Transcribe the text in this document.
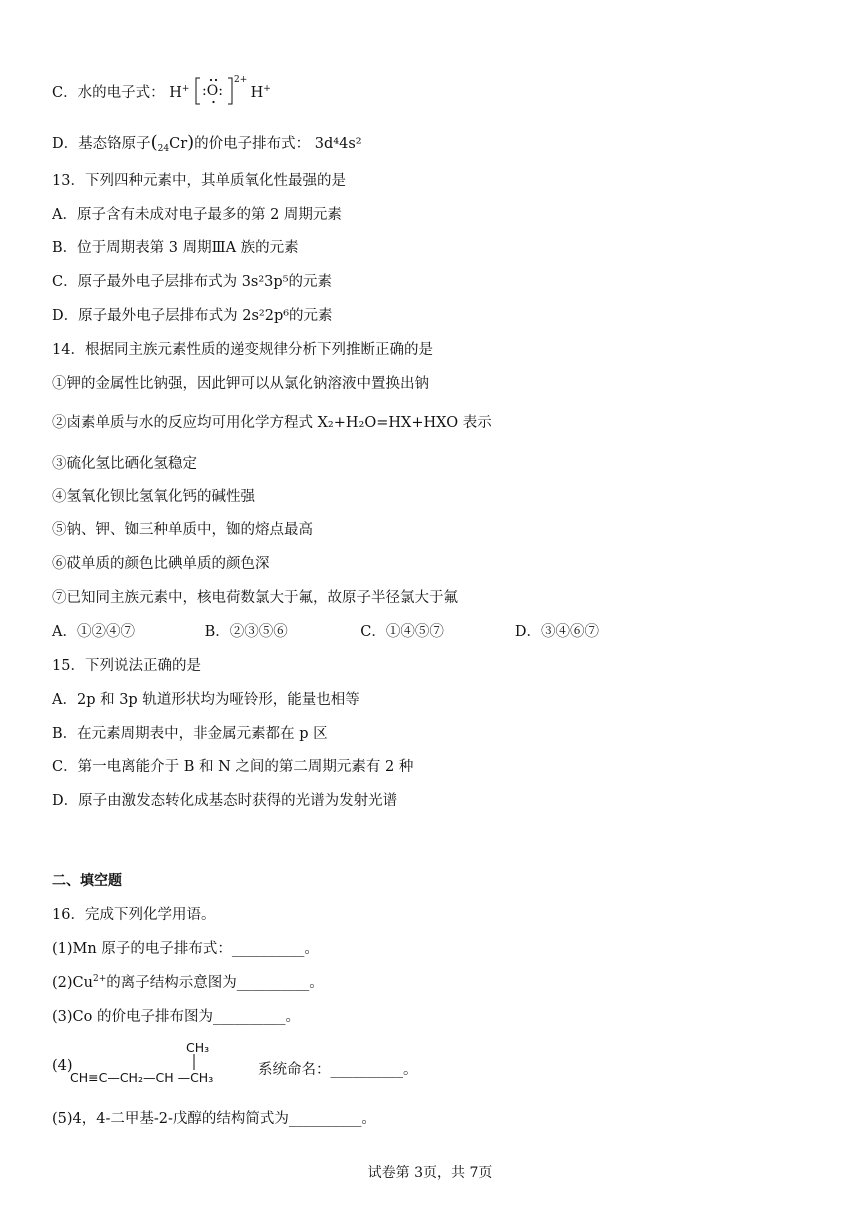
C．水的电子式： H+ :O:
2+
H+
D．基态铬原子$(_{24}Cr)$的价电子排布式： 3d⁴4s²
13．下列四种元素中，其单质氧化性最强的是
A．原子含有未成对电子最多的第 2 周期元素
B．位于周期表第 3 周期ⅢA 族的元素
C．原子最外电子层排布式为 3s²3p⁵的元素
D．原子最外电子层排布式为 2s²2p⁶的元素
14．根据同主族元素性质的递变规律分析下列推断正确的是
①钾的金属性比钠强，因此钾可以从氯化钠溶液中置换出钠
②卤素单质与水的反应均可用化学方程式 X₂+H₂O=HX+HXO 表示
③硫化氢比硒化氢稳定
④氢氧化钡比氢氧化钙的碱性强
⑤钠、钾、铷三种单质中，铷的熔点最高
⑥砹单质的颜色比碘单质的颜色深
⑦已知同主族元素中，核电荷数氯大于氟，故原子半径氯大于氟
A．①②④⑦	B．②③⑤⑥	C．①④⑤⑦	D．③④⑥⑦
15．下列说法正确的是
A．2p 和 3p 轨道形状均为哑铃形，能量也相等
B．在元素周期表中，非金属元素都在 p 区
C．第一电离能介于 B 和 N 之间的第二周期元素有 2 种
D．原子由激发态转化成基态时获得的光谱为发射光谱
二、填空题
16．完成下列化学用语。
(1)Mn 原子的电子排布式：__________。
$(2)Cu^{2+}$的离子结构示意图为__________。
(3)Co 的价电子排布图为__________。
(4)
CH₃
CH≡C—CH₂—CH —CH₃	系统命名：__________。
(5)4，4-二甲基-2-戊醇的结构简式为__________。
试卷第 3页，共 7页
